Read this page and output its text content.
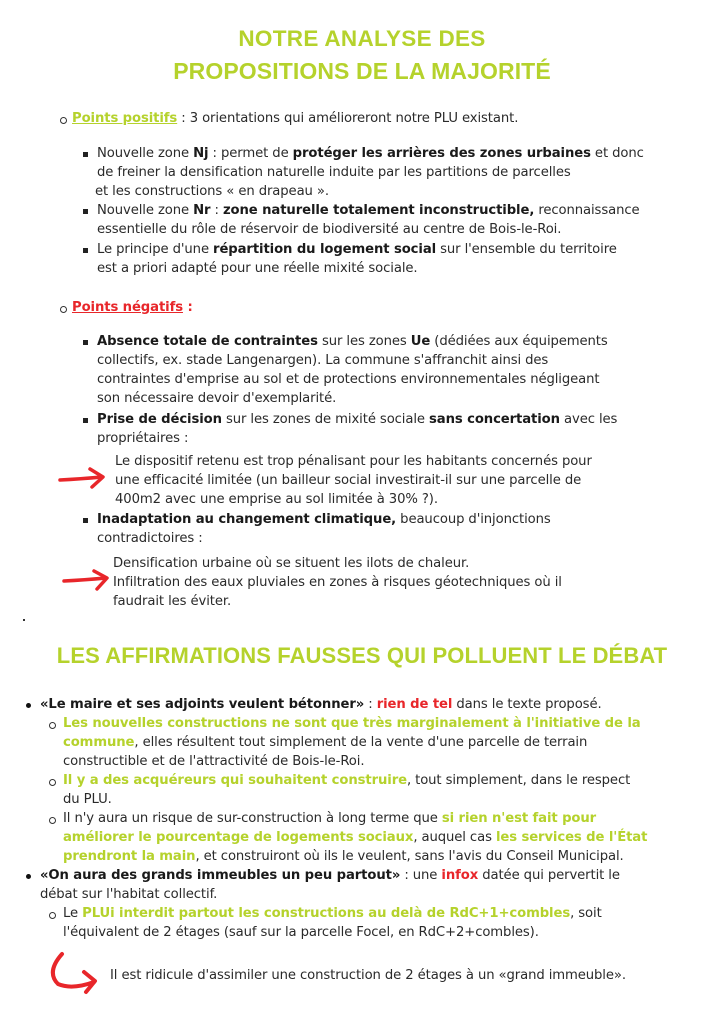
NOTRE ANALYSE DES
PROPOSITIONS DE LA MAJORITÉ
Points positifs : 3 orientations qui amélioreront notre PLU existant.
Nouvelle zone Nj : permet de protéger les arrières des zones urbaines et donc
de freiner la densification naturelle induite par les partitions de parcelles
et les constructions « en drapeau ».
Nouvelle zone Nr : zone naturelle totalement inconstructible, reconnaissance
essentielle du rôle de réservoir de biodiversité au centre de Bois-le-Roi.
Le principe d'une répartition du logement social sur l'ensemble du territoire
est a priori adapté pour une réelle mixité sociale.
Points négatifs :
Absence totale de contraintes sur les zones Ue (dédiées aux équipements
collectifs, ex. stade Langenargen). La commune s'affranchit ainsi des
contraintes d'emprise au sol et de protections environnementales négligeant
son nécessaire devoir d'exemplarité.
Prise de décision sur les zones de mixité sociale sans concertation avec les
propriétaires :
Le dispositif retenu est trop pénalisant pour les habitants concernés pour
une efficacité limitée (un bailleur social investirait-il sur une parcelle de
400m2 avec une emprise au sol limitée à 30% ?).
Inadaptation au changement climatique, beaucoup d'injonctions
contradictoires :
Densification urbaine où se situent les ilots de chaleur.
Infiltration des eaux pluviales en zones à risques géotechniques où il
faudrait les éviter.
LES AFFIRMATIONS FAUSSES QUI POLLUENT LE DÉBAT
«Le maire et ses adjoints veulent bétonner» : rien de tel dans le texte proposé.
Les nouvelles constructions ne sont que très marginalement à l'initiative de la
commune, elles résultent tout simplement de la vente d'une parcelle de terrain
constructible et de l'attractivité de Bois-le-Roi.
Il y a des acquéreurs qui souhaitent construire, tout simplement, dans le respect
du PLU.
Il n'y aura un risque de sur-construction à long terme que si rien n'est fait pour
améliorer le pourcentage de logements sociaux, auquel cas les services de l'État
prendront la main, et construiront où ils le veulent, sans l'avis du Conseil Municipal.
«On aura des grands immeubles un peu partout» : une infox datée qui pervertit le
débat sur l'habitat collectif.
Le PLUi interdit partout les constructions au delà de RdC+1+combles, soit
l'équivalent de 2 étages (sauf sur la parcelle Focel, en RdC+2+combles).
Il est ridicule d'assimiler une construction de 2 étages à un «grand immeuble».
